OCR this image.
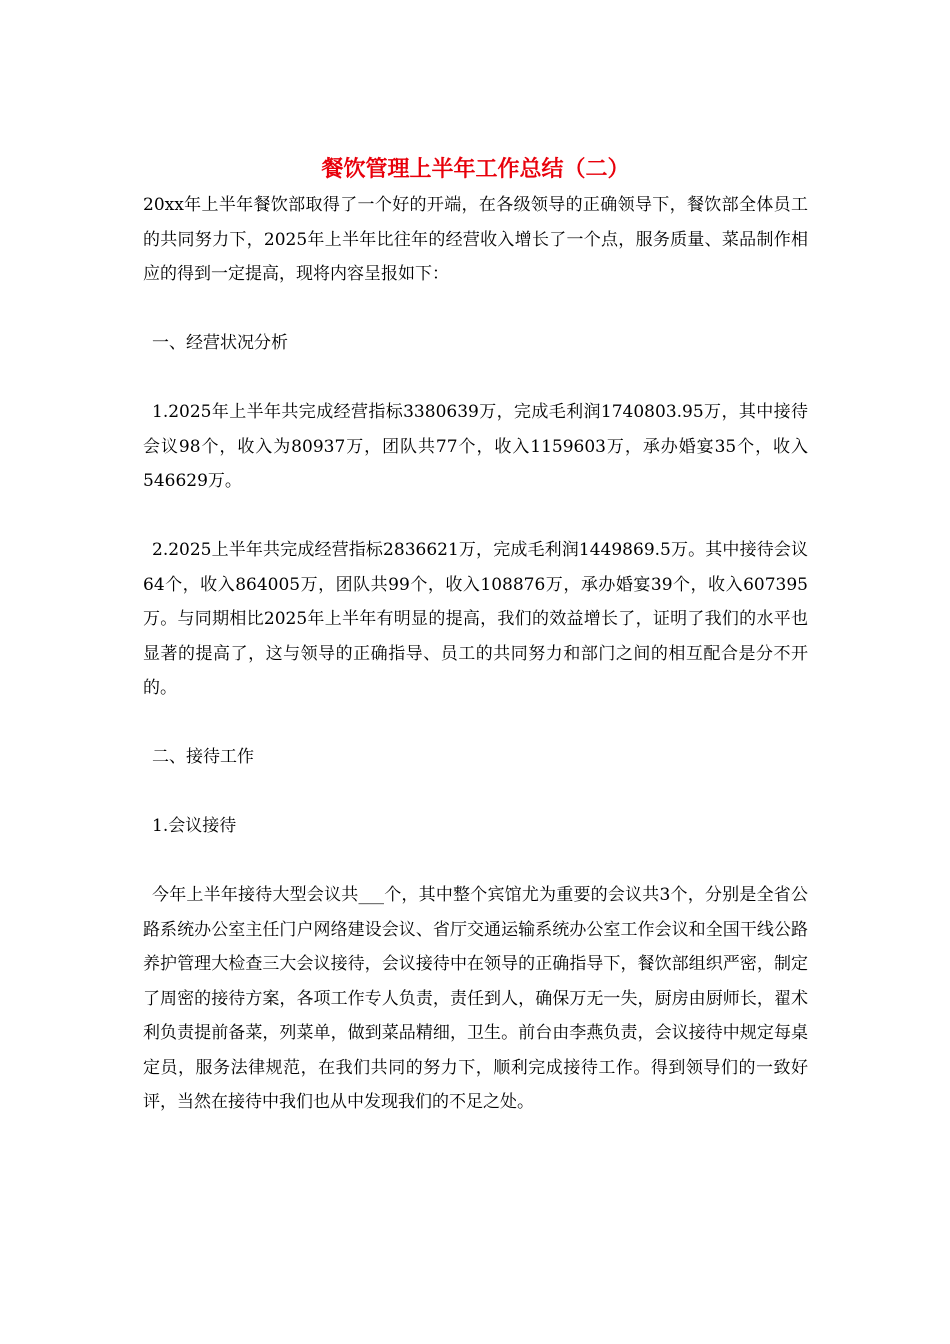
餐饮管理上半年工作总结（二）

20xx年上半年餐饮部取得了一个好的开端，在各级领导的正确领导下，餐饮部全体员工的共同努力下，2025年上半年比往年的经营收入增长了一个点，服务质量、菜品制作相应的得到一定提高，现将内容呈报如下：

一、经营状况分析

1.2025年上半年共完成经营指标3380639万，完成毛利润1740803.95万，其中接待会议98个，收入为80937万，团队共77个，收入1159603万，承办婚宴35个，收入546629万。

2.2025上半年共完成经营指标2836621万，完成毛利润1449869.5万。其中接待会议64个，收入864005万，团队共99个，收入108876万，承办婚宴39个，收入607395万。与同期相比2025年上半年有明显的提高，我们的效益增长了，证明了我们的水平也显著的提高了，这与领导的正确指导、员工的共同努力和部门之间的相互配合是分不开的。

二、接待工作

1.会议接待

今年上半年接待大型会议共___个，其中整个宾馆尤为重要的会议共3个，分别是全省公路系统办公室主任门户网络建设会议、省厅交通运输系统办公室工作会议和全国干线公路养护管理大检查三大会议接待，会议接待中在领导的正确指导下，餐饮部组织严密，制定了周密的接待方案，各项工作专人负责，责任到人，确保万无一失，厨房由厨师长，翟术利负责提前备菜，列菜单，做到菜品精细，卫生。前台由李燕负责，会议接待中规定每桌定员，服务法律规范，在我们共同的努力下，顺利完成接待工作。得到领导们的一致好评，当然在接待中我们也从中发现我们的不足之处。
